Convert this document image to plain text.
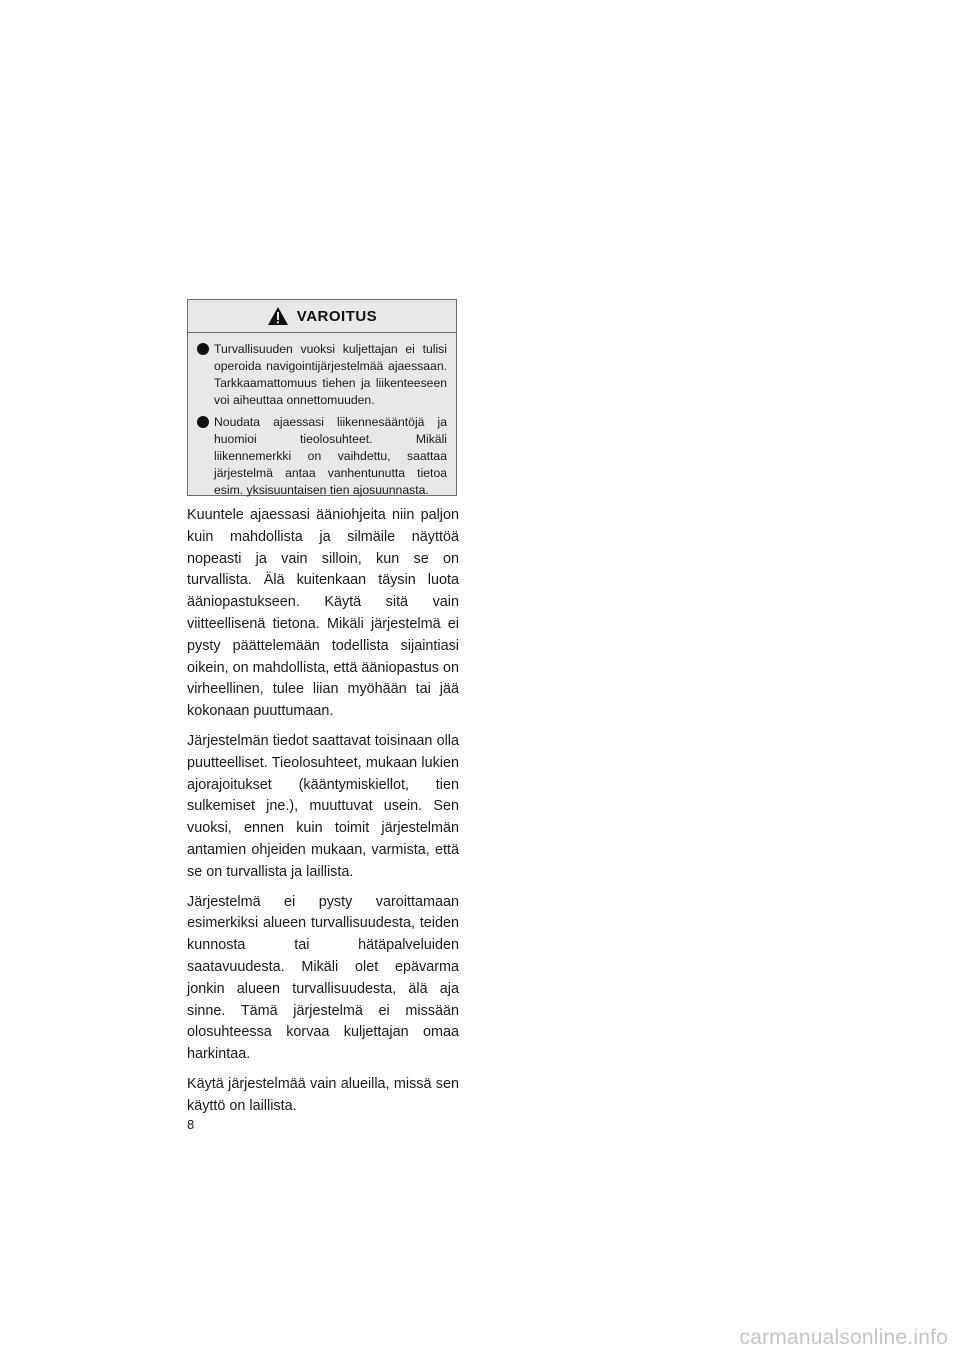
VAROITUS
Turvallisuuden vuoksi kuljettajan ei tulisi operoida navigointijärjestelmää ajaessaan. Tarkkaamattomuus tiehen ja liikenteeseen voi aiheuttaa onnettomuuden.
Noudata ajaessasi liikennesääntöjä ja huomioi tieolosuhteet. Mikäli liikennemerkki on vaihdettu, saattaa järjestelmä antaa vanhentunutta tietoa esim. yksisuuntaisen tien ajosuunnasta.

Kuuntele ajaessasi ääniohjeita niin paljon kuin mahdollista ja silmäile näyttöä nopeasti ja vain silloin, kun se on turvallista. Älä kuitenkaan täysin luota ääniopastukseen. Käytä sitä vain viitteellisenä tietona. Mikäli järjestelmä ei pysty päättelemään todellista sijaintiasi oikein, on mahdollista, että ääniopastus on virheellinen, tulee liian myöhään tai jää kokonaan puuttumaan.

Järjestelmän tiedot saattavat toisinaan olla puutteelliset. Tieolosuhteet, mukaan lukien ajorajoitukset (kääntymiskiellot, tien sulkemiset jne.), muuttuvat usein. Sen vuoksi, ennen kuin toimit järjestelmän antamien ohjeiden mukaan, varmista, että se on turvallista ja laillista.

Järjestelmä ei pysty varoittamaan esimerkiksi alueen turvallisuudesta, teiden kunnosta tai hätäpalveluiden saatavuudesta. Mikäli olet epävarma jonkin alueen turvallisuudesta, älä aja sinne. Tämä järjestelmä ei missään olosuhteessa korvaa kuljettajan omaa harkintaa.

Käytä järjestelmää vain alueilla, missä sen käyttö on laillista.

8
carmanualsonline.info
